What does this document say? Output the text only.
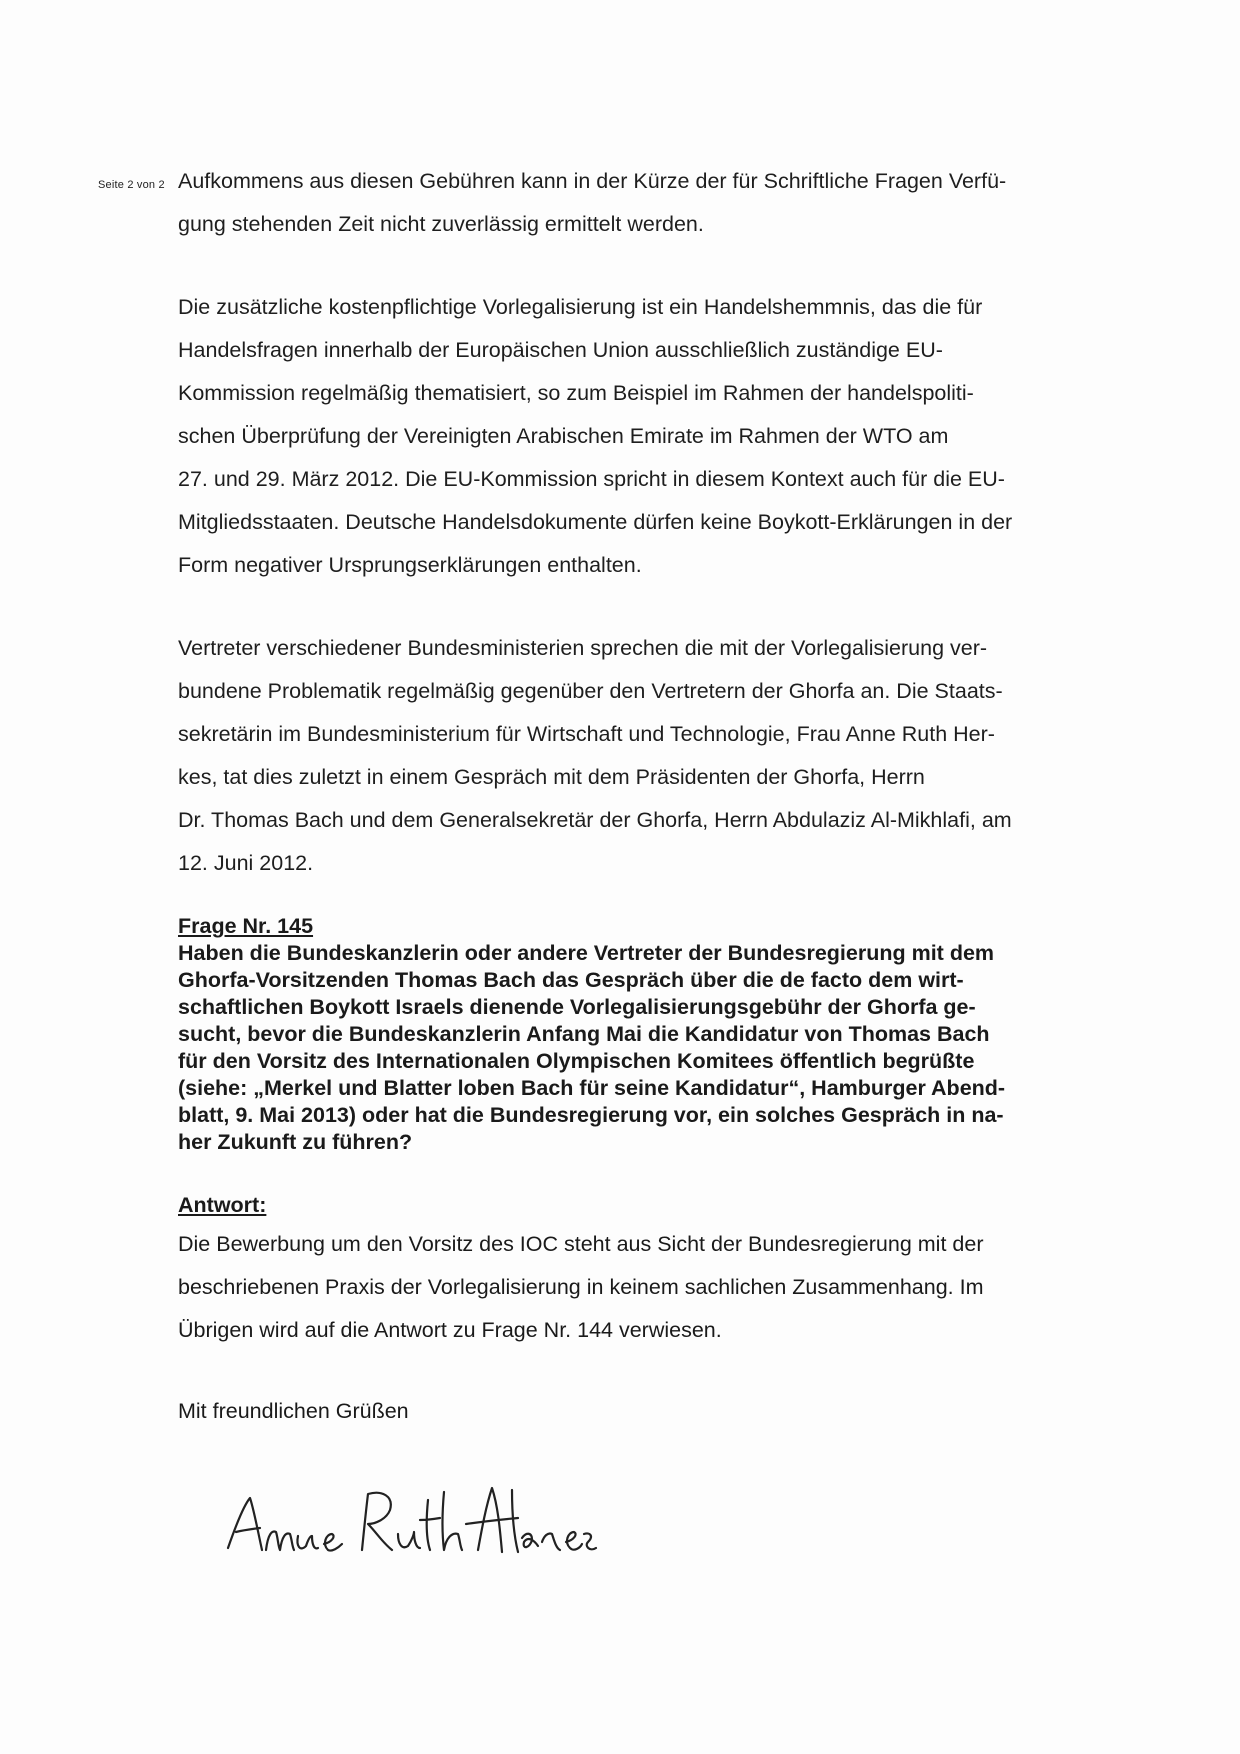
Seite 2 von 2 Aufkommens aus diesen Gebühren kann in der Kürze der für Schriftliche Fragen Verfü-
gung stehenden Zeit nicht zuverlässig ermittelt werden.

Die zusätzliche kostenpflichtige Vorlegalisierung ist ein Handelshemmnis, das die für
Handelsfragen innerhalb der Europäischen Union ausschließlich zuständige EU-
Kommission regelmäßig thematisiert, so zum Beispiel im Rahmen der handelspoliti-
schen Überprüfung der Vereinigten Arabischen Emirate im Rahmen der WTO am
27. und 29. März 2012. Die EU-Kommission spricht in diesem Kontext auch für die EU-
Mitgliedsstaaten. Deutsche Handelsdokumente dürfen keine Boykott-Erklärungen in der
Form negativer Ursprungserklärungen enthalten.

Vertreter verschiedener Bundesministerien sprechen die mit der Vorlegalisierung ver-
bundene Problematik regelmäßig gegenüber den Vertretern der Ghorfa an. Die Staats-
sekretärin im Bundesministerium für Wirtschaft und Technologie, Frau Anne Ruth Her-
kes, tat dies zuletzt in einem Gespräch mit dem Präsidenten der Ghorfa, Herrn
Dr. Thomas Bach und dem Generalsekretär der Ghorfa, Herrn Abdulaziz Al-Mikhlafi, am
12. Juni 2012.

Frage Nr. 145

Haben die Bundeskanzlerin oder andere Vertreter der Bundesregierung mit dem
Ghorfa-Vorsitzenden Thomas Bach das Gespräch über die de facto dem wirt-
schaftlichen Boykott Israels dienende Vorlegalisierungsgebühr der Ghorfa ge-
sucht, bevor die Bundeskanzlerin Anfang Mai die Kandidatur von Thomas Bach
für den Vorsitz des Internationalen Olympischen Komitees öffentlich begrüßte
(siehe: „Merkel und Blatter loben Bach für seine Kandidatur“, Hamburger Abend-
blatt, 9. Mai 2013) oder hat die Bundesregierung vor, ein solches Gespräch in na-
her Zukunft zu führen?

Antwort:

Die Bewerbung um den Vorsitz des IOC steht aus Sicht der Bundesregierung mit der
beschriebenen Praxis der Vorlegalisierung in keinem sachlichen Zusammenhang. Im
Übrigen wird auf die Antwort zu Frage Nr. 144 verwiesen.

Mit freundlichen Grüßen
